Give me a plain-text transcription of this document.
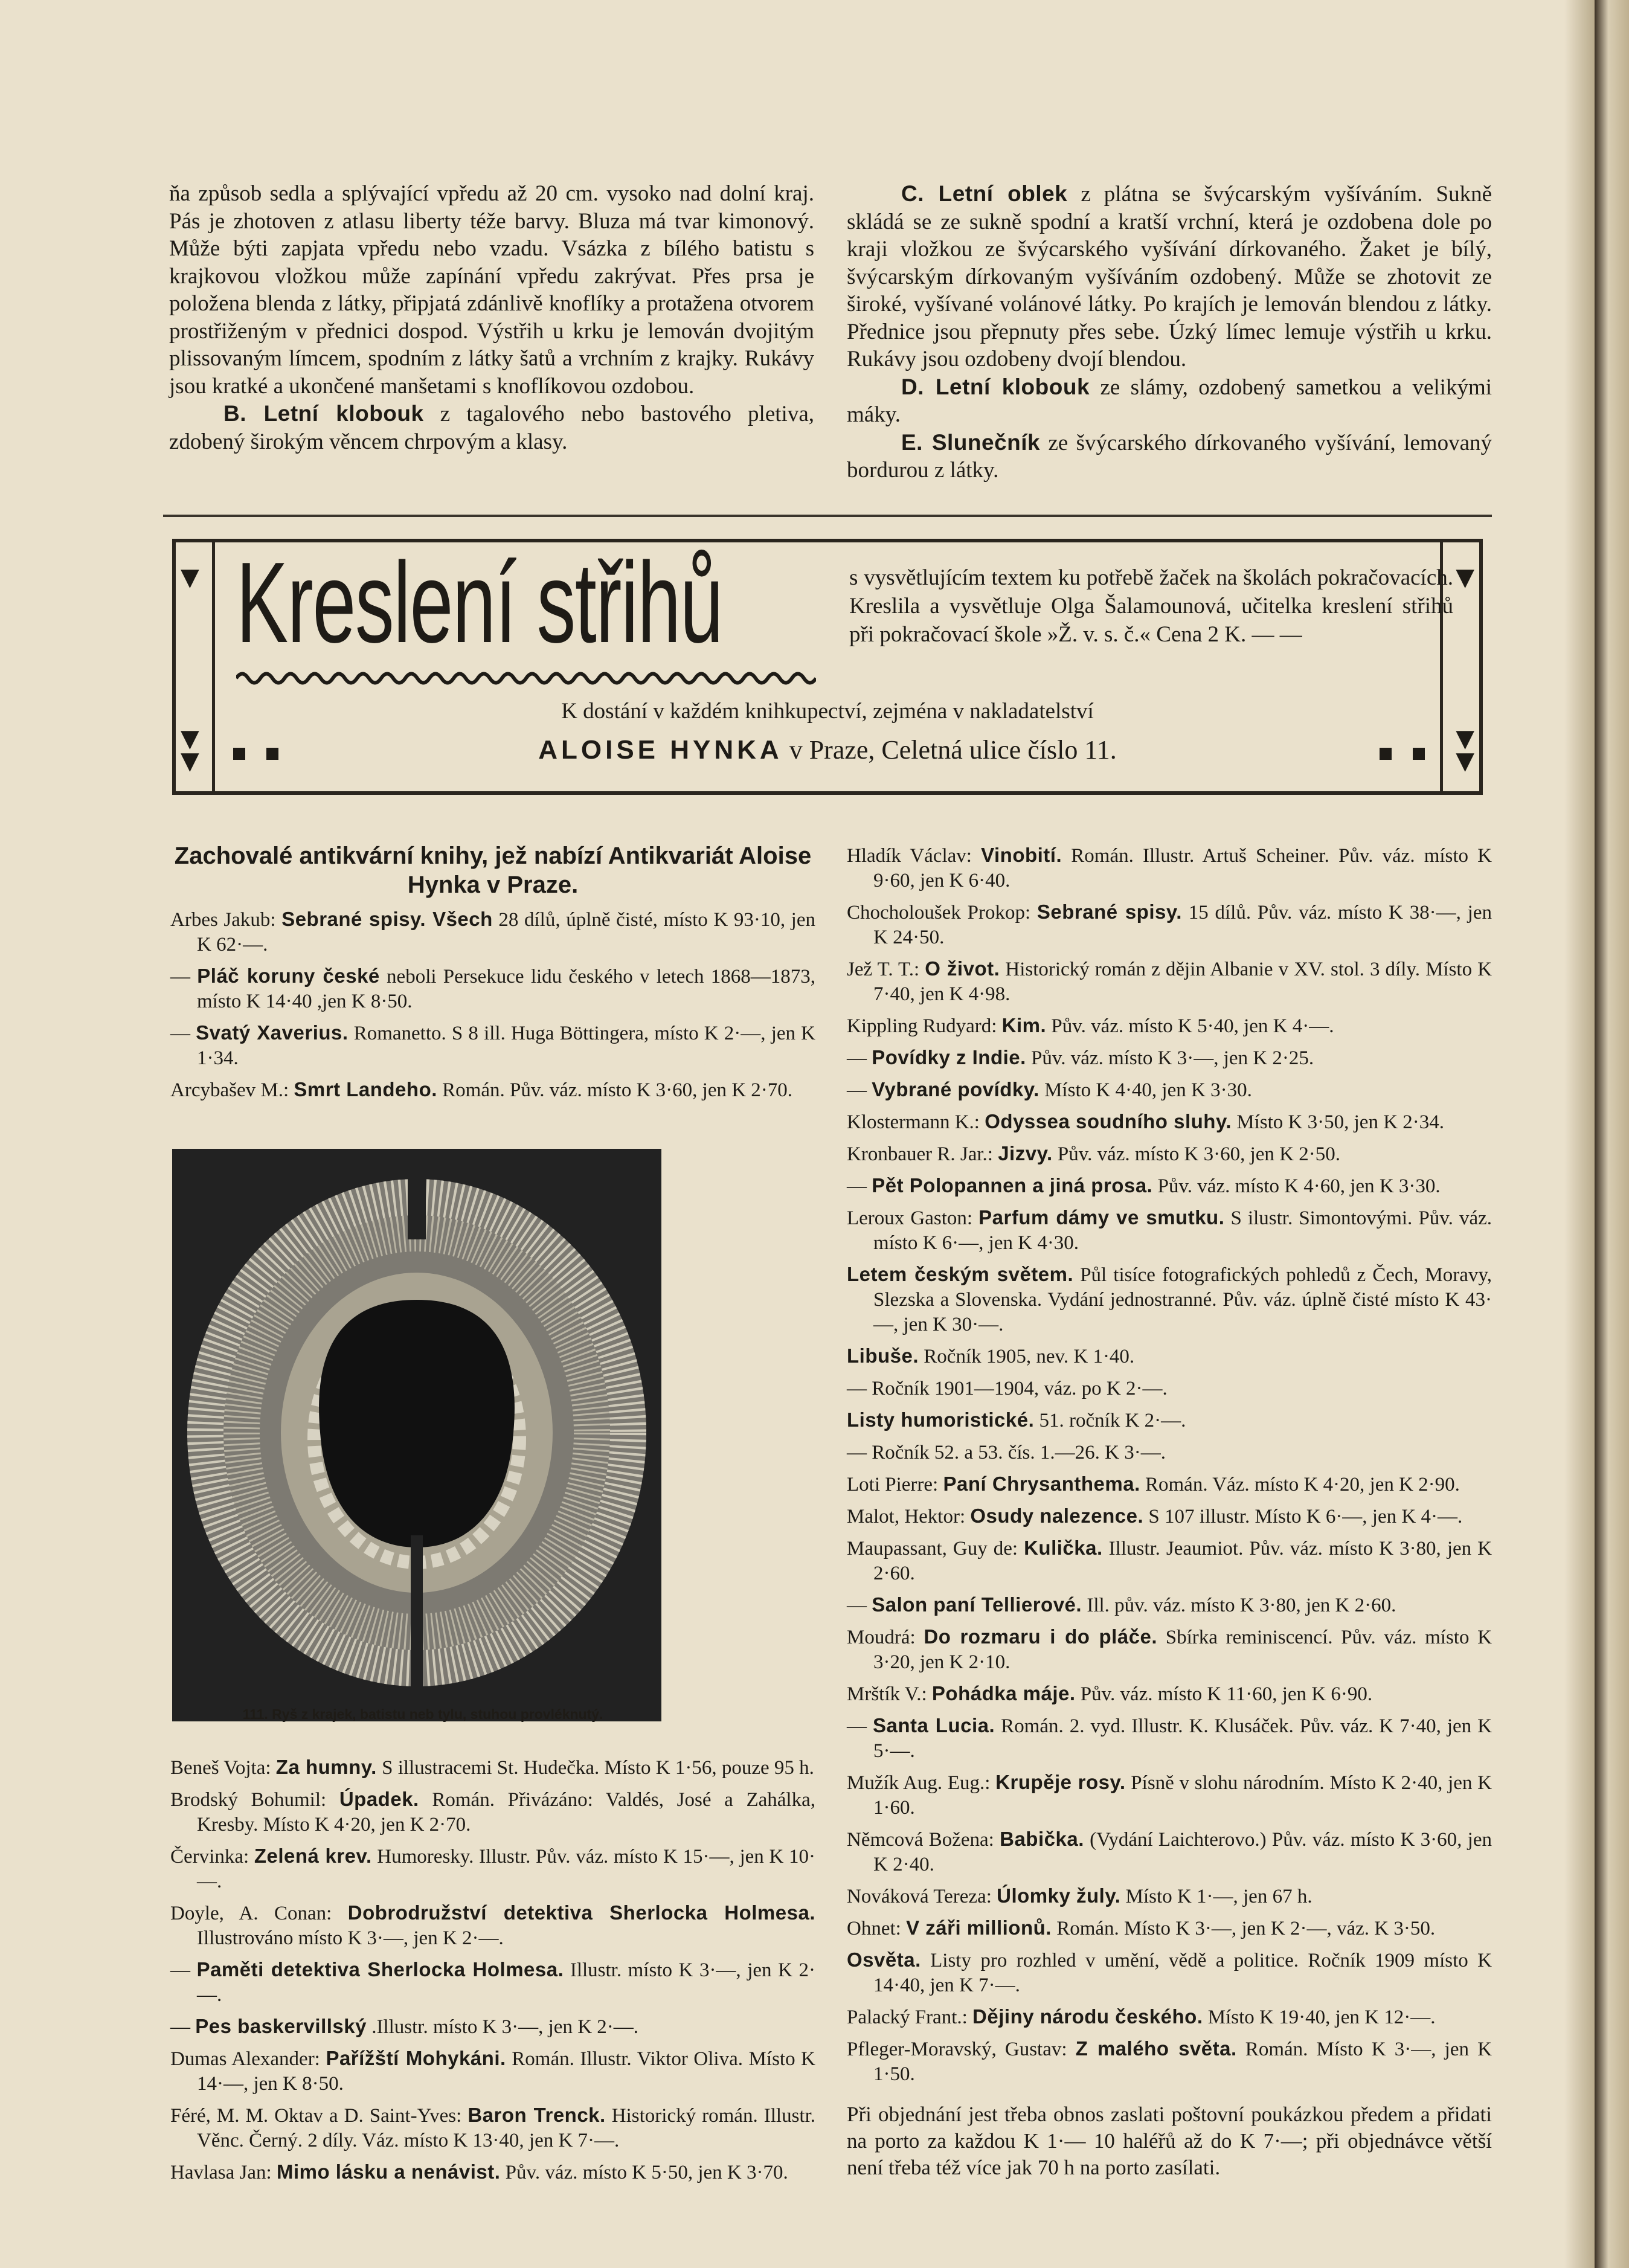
ňa způsob sedla a splývající vpředu až 20 cm. vysoko nad dolní kraj. Pás je zhotoven z atlasu liberty téže barvy. Bluza má tvar kimonový. Může býti zapjata vpředu nebo vzadu. Vsázka z bílého batistu s krajkovou vložkou může zapínání vpředu zakrývat. Přes prsa je položena blenda z látky, připjatá zdánlivě knoflíky a protažena otvorem prostřiženým v přednici dospod. Výstřih u krku je lemován dvojitým plissovaným límcem, spodním z látky šatů a vrchním z krajky. Rukávy jsou kratké a ukončené manšetami s knoflíkovou ozdobou.

B. Letní klobouk z tagalového nebo bastového pletiva, zdobený širokým věncem chrpovým a klasy.

C. Letní oblek z plátna se švýcarským vyšíváním. Sukně skládá se ze sukně spodní a kratší vrchní, která je ozdobena dole po kraji vložkou ze švýcarského vyšívání dírkovaného. Žaket je bílý, švýcarským dírkovaným vyšíváním ozdobený. Může se zhotovit ze široké, vyšívané volánové látky. Po krajích je lemován blendou z látky. Přednice jsou přepnuty přes sebe. Úzký límec lemuje výstřih u krku. Rukávy jsou ozdobeny dvojí blendou.

D. Letní klobouk ze slámy, ozdobený sametkou a velikými máky.

E. Slunečník ze švýcarského dírkovaného vyšívání, lemovaný bordurou z látky.

▼
▼
▼
▼
▼
▼
Kreslení střihů	s vysvětlujícím textem ku potřebě žaček na školách pokračovacích. Kreslila a vysvětluje Olga Šalamounová, učitelka kreslení střihů při pokračovací škole »Ž. v. s. č.« Cena 2 K. — —
K dostání v každém knihkupectví, zejména v nakladatelství
ALOISE HYNKA v Praze, Celetná ulice číslo 11.

Zachovalé antikvární knihy, jež nabízí Antikvariát Aloise Hynka v Praze.

Arbes Jakub: Sebrané spisy. Všech 28 dílů, úplně čisté, místo K 93·10, jen K 62·—.

— Pláč koruny české neboli Persekuce lidu českého v letech 1868—1873, místo K 14·40 ,jen K 8·50.

— Svatý Xaverius. Romanetto. S 8 ill. Huga Böttingera, místo K 2·—, jen K 1·34.

Arcybašev M.: Smrt Landeho. Román. Pův. váz. místo K 3·60, jen K 2·70.

111. Ryš z krajek, batistu neb tylu, stuhou provléknutý.

Beneš Vojta: Za humny. S illustracemi St. Hudečka. Místo K 1·56, pouze 95 h.

Brodský Bohumil: Úpadek. Román. Přivázáno: Valdés, José a Zahálka, Kresby. Místo K 4·20, jen K 2·70.

Červinka: Zelená krev. Humoresky. Illustr. Pův. váz. místo K 15·—, jen K 10·—.

Doyle, A. Conan: Dobrodružství detektiva Sherlocka Holmesa. Illustrováno místo K 3·—, jen K 2·—.

— Paměti detektiva Sherlocka Holmesa. Illustr. místo K 3·—, jen K 2·—.

— Pes baskervillský .Illustr. místo K 3·—, jen K 2·—.

Dumas Alexander: Pařížští Mohykáni. Román. Illustr. Viktor Oliva. Místo K 14·—, jen K 8·50.

Féré, M. M. Oktav a D. Saint-Yves: Baron Trenck. Historický román. Illustr. Věnc. Černý. 2 díly. Váz. místo K 13·40, jen K 7·—.

Havlasa Jan: Mimo lásku a nenávist. Pův. váz. místo K 5·50, jen K 3·70.

Hladík Václav: Vinobití. Román. Illustr. Artuš Scheiner. Pův. váz. místo K 9·60, jen K 6·40.

Chocholoušek Prokop: Sebrané spisy. 15 dílů. Pův. váz. místo K 38·—, jen K 24·50.

Jež T. T.: O život. Historický román z dějin Albanie v XV. stol. 3 díly. Místo K 7·40, jen K 4·98.

Kippling Rudyard: Kim. Pův. váz. místo K 5·40, jen K 4·—.

— Povídky z Indie. Pův. váz. místo K 3·—, jen K 2·25.

— Vybrané povídky. Místo K 4·40, jen K 3·30.

Klostermann K.: Odyssea soudního sluhy. Místo K 3·50, jen K 2·34.

Kronbauer R. Jar.: Jizvy. Pův. váz. místo K 3·60, jen K 2·50.

— Pět Polopannen a jiná prosa. Pův. váz. místo K 4·60, jen K 3·30.

Leroux Gaston: Parfum dámy ve smutku. S ilustr. Simontovými. Pův. váz. místo K 6·—, jen K 4·30.

Letem českým světem. Půl tisíce fotografických pohledů z Čech, Moravy, Slezska a Slovenska. Vydání jednostranné. Pův. váz. úplně čisté místo K 43·—, jen K 30·—.

Libuše. Ročník 1905, nev. K 1·40.

— Ročník 1901—1904, váz. po K 2·—.

Listy humoristické. 51. ročník K 2·—.

— Ročník 52. a 53. čís. 1.—26. K 3·—.

Loti Pierre: Paní Chrysanthema. Román. Váz. místo K 4·20, jen K 2·90.

Malot, Hektor: Osudy nalezence. S 107 illustr. Místo K 6·—, jen K 4·—.

Maupassant, Guy de: Kulička. Illustr. Jeaumiot. Pův. váz. místo K 3·80, jen K 2·60.

— Salon paní Tellierové. Ill. pův. váz. místo K 3·80, jen K 2·60.

Moudrá: Do rozmaru i do pláče. Sbírka reminiscencí. Pův. váz. místo K 3·20, jen K 2·10.

Mrštík V.: Pohádka máje. Pův. váz. místo K 11·60, jen K 6·90.

— Santa Lucia. Román. 2. vyd. Illustr. K. Klusáček. Pův. váz. K 7·40, jen K 5·—.

Mužík Aug. Eug.: Krupěje rosy. Písně v slohu národním. Místo K 2·40, jen K 1·60.

Němcová Božena: Babička. (Vydání Laichterovo.) Pův. váz. místo K 3·60, jen K 2·40.

Nováková Tereza: Úlomky žuly. Místo K 1·—, jen 67 h.

Ohnet: V záři millionů. Román. Místo K 3·—, jen K 2·—, váz. K 3·50.

Osvěta. Listy pro rozhled v umění, vědě a politice. Ročník 1909 místo K 14·40, jen K 7·—.

Palacký Frant.: Dějiny národu českého. Místo K 19·40, jen K 12·—.

Pfleger-Moravský, Gustav: Z malého světa. Román. Místo K 3·—, jen K 1·50.

Při objednání jest třeba obnos zaslati poštovní poukázkou předem a přidati na porto za každou K 1·— 10 haléřů až do K 7·—; při objednávce větší není třeba též více jak 70 h na porto zasílati.
